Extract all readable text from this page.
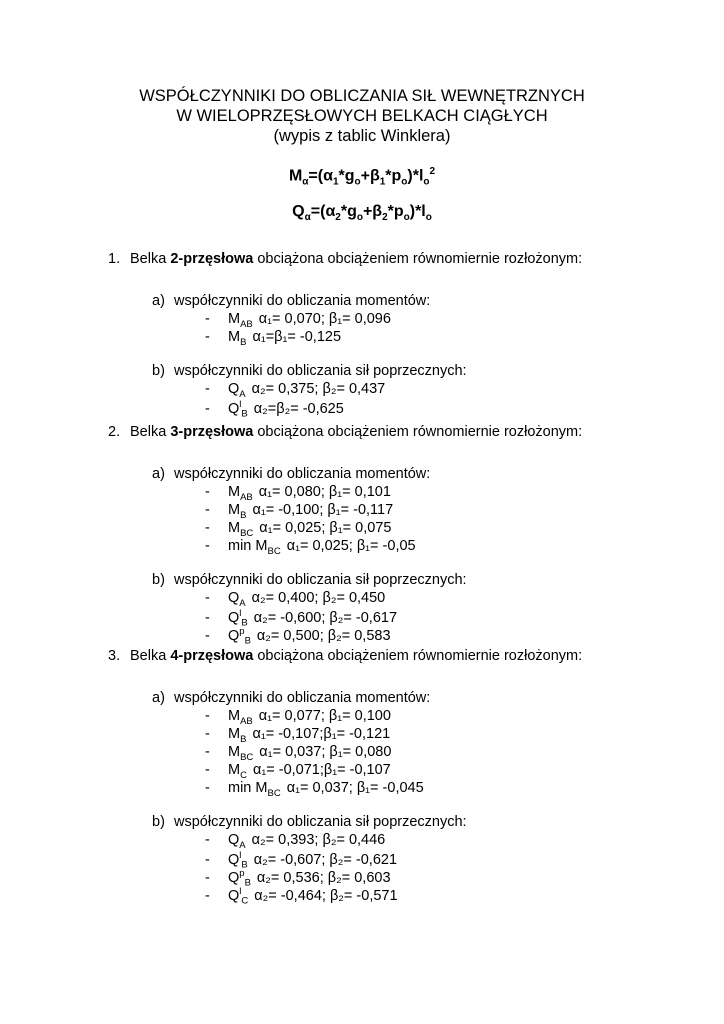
WSPÓŁCZYNNIKI DO OBLICZANIA SIŁ WEWNĘTRZNYCH
W WIELOPRZĘSŁOWYCH BELKACH CIĄGŁYCH
(wypis z tablic Winklera)
$M_\alpha=(\alpha_1*g_o+\beta_1*p_o)*l_o^2$
$Q_\alpha=(\alpha_2*g_o+\beta_2*p_o)*l_o$
1. Belka 2-przęsłowa obciążona obciążeniem równomiernie rozłożonym:
a) współczynniki do obliczania momentów:
- $M_{AB}$ α₁= 0,070; β₁= 0,096
- $M_B$ α₁=β₁= -0,125
b) współczynniki do obliczania sił poprzecznych:
- $Q_A$ α₂= 0,375; β₂= 0,437
- $Q^l_B$ α₂=β₂= -0,625
2. Belka 3-przęsłowa obciążona obciążeniem równomiernie rozłożonym:
a) współczynniki do obliczania momentów:
- $M_{AB}$ α₁= 0,080; β₁= 0,101
- $M_B$ α₁= -0,100; β₁= -0,117
- $M_{BC}$ α₁= 0,025; β₁= 0,075
- $\min M_{BC}$ α₁= 0,025; β₁= -0,05
b) współczynniki do obliczania sił poprzecznych:
- $Q_A$ α₂= 0,400; β₂= 0,450
- $Q^l_B$ α₂= -0,600; β₂= -0,617
- $Q^p_B$ α₂= 0,500; β₂= 0,583
3. Belka 4-przęsłowa obciążona obciążeniem równomiernie rozłożonym:
a) współczynniki do obliczania momentów:
- $M_{AB}$ α₁= 0,077; β₁= 0,100
- $M_B$ α₁= -0,107;β₁= -0,121
- $M_{BC}$ α₁= 0,037; β₁= 0,080
- $M_C$ α₁= -0,071;β₁= -0,107
- $\min M_{BC}$ α₁= 0,037; β₁= -0,045
b) współczynniki do obliczania sił poprzecznych:
- $Q_A$ α₂= 0,393; β₂= 0,446
- $Q^l_B$ α₂= -0,607; β₂= -0,621
- $Q^p_B$ α₂= 0,536; β₂= 0,603
- $Q^l_C$ α₂= -0,464; β₂= -0,571
